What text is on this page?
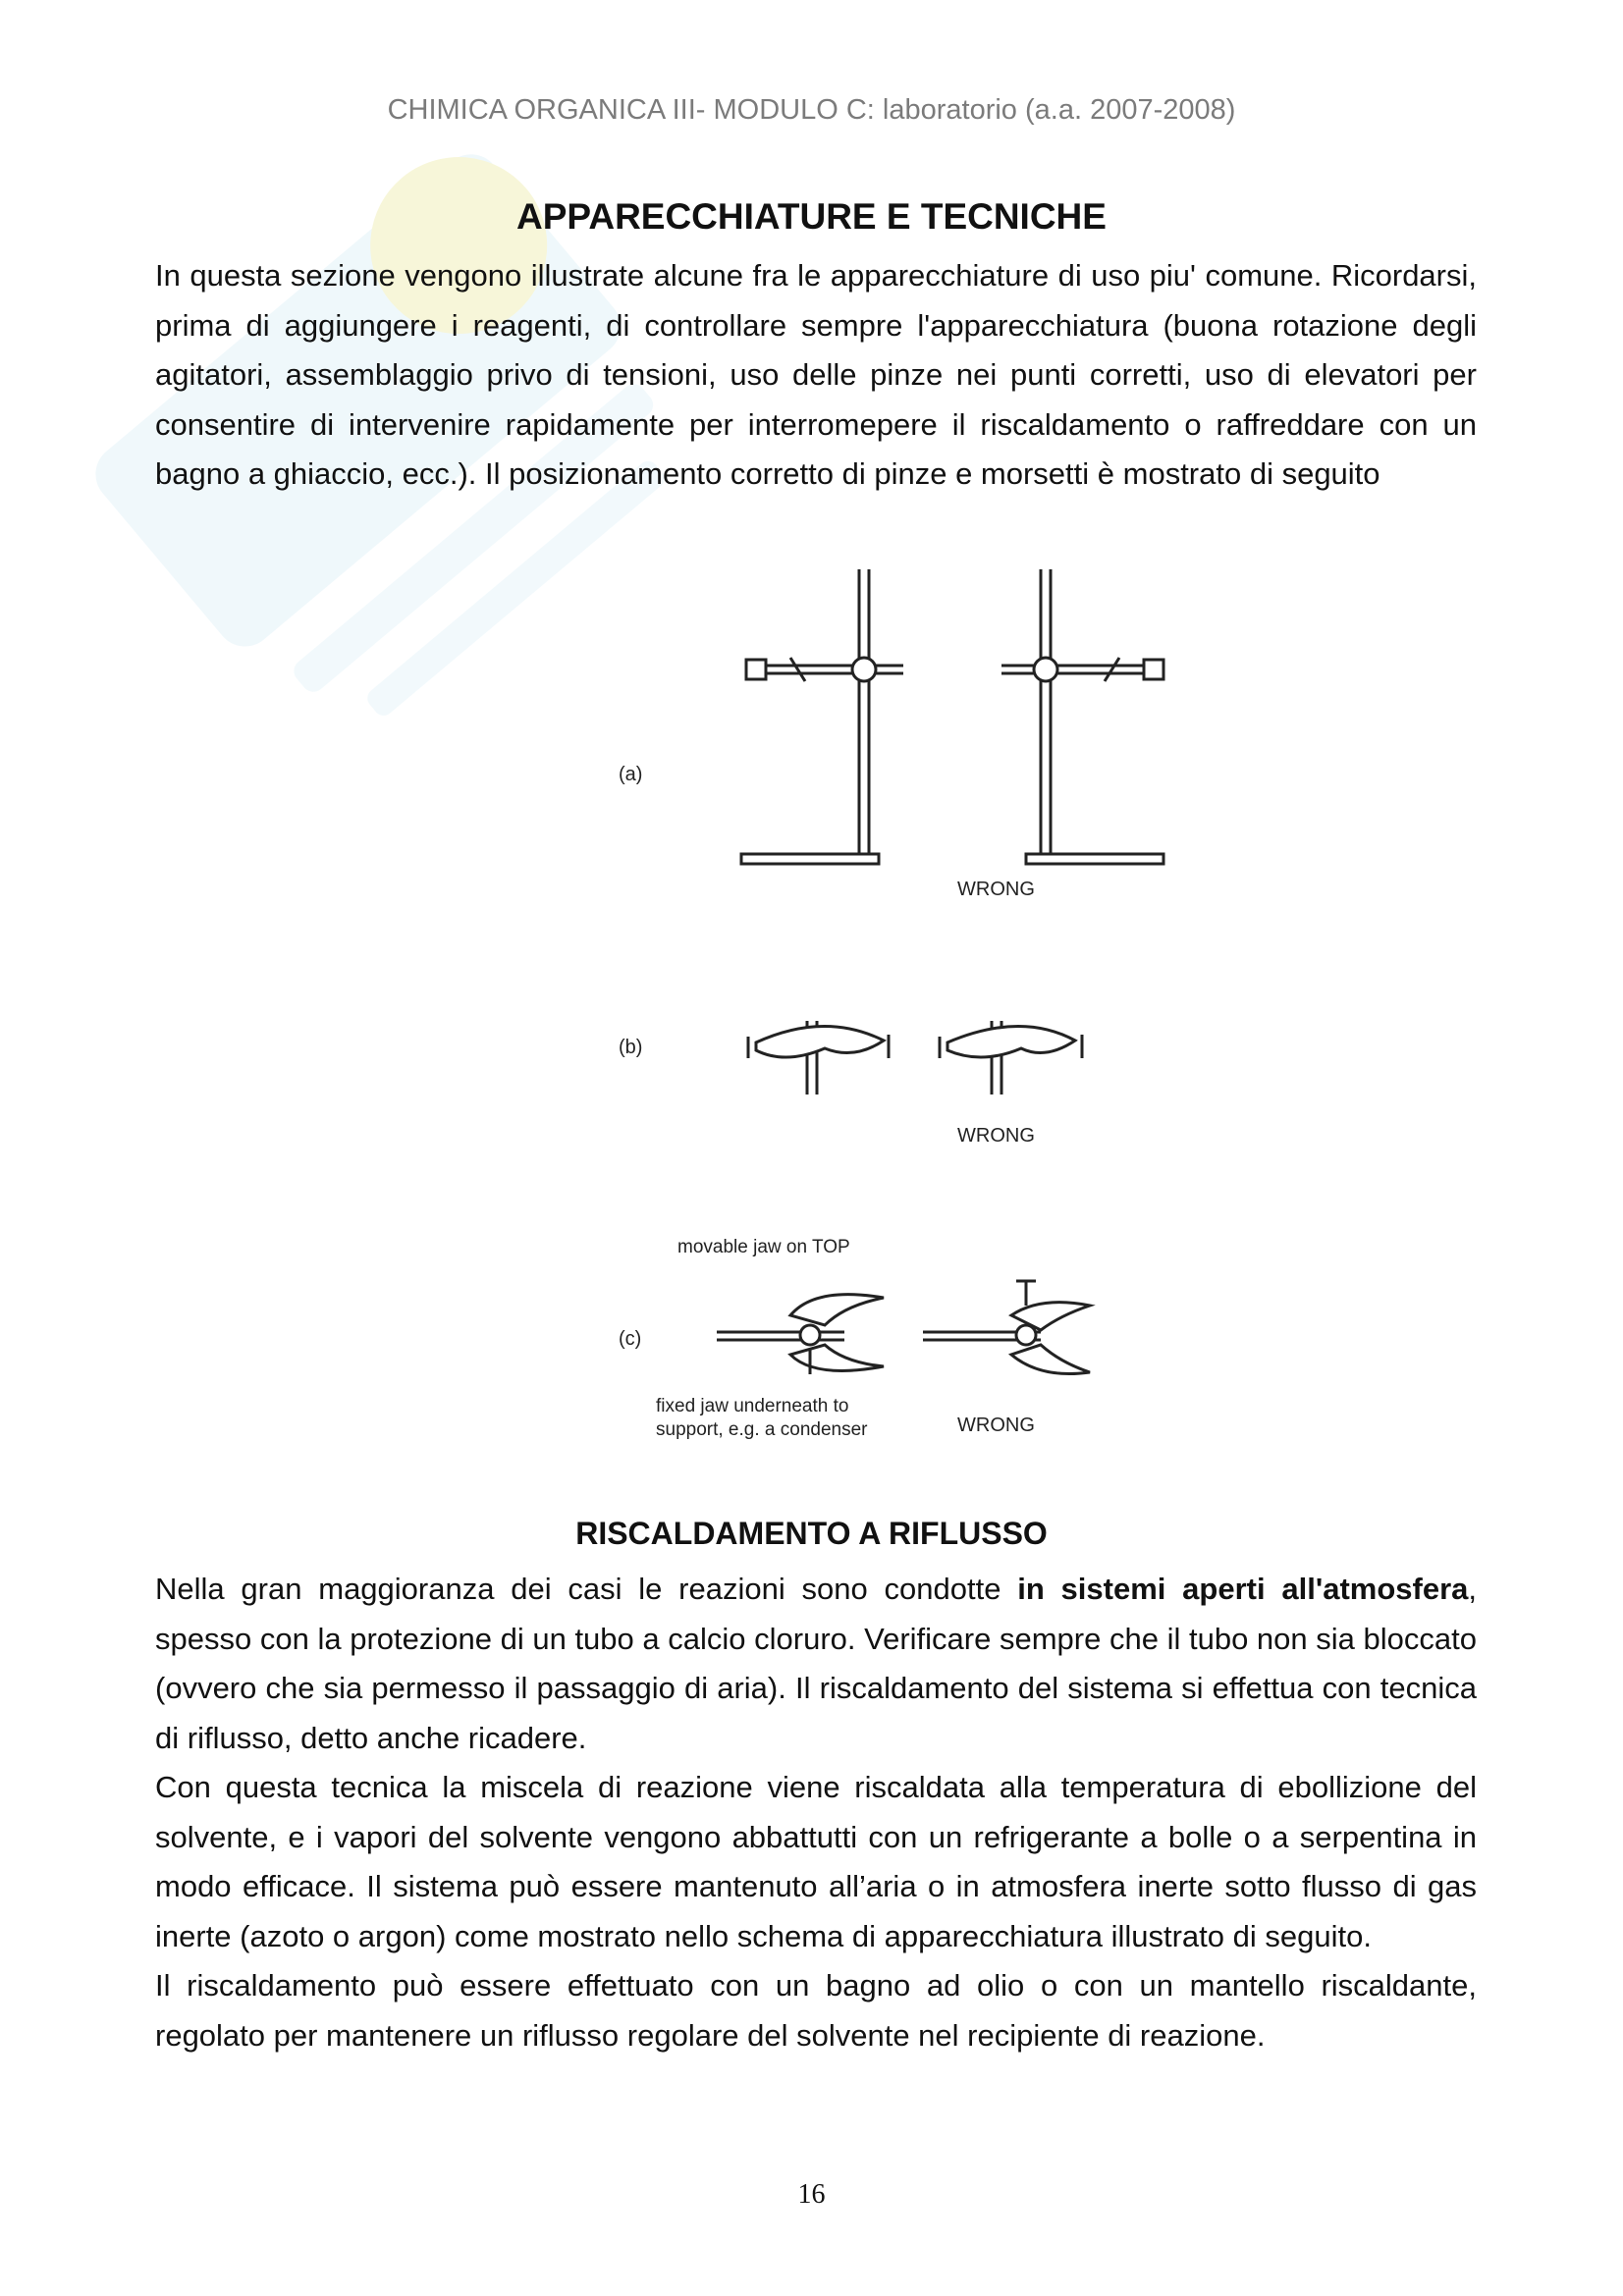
CHIMICA ORGANICA III- MODULO C: laboratorio (a.a. 2007-2008)
APPARECCHIATURE E TECNICHE
In questa sezione vengono illustrate alcune fra le apparecchiature di uso piu' comune. Ricordarsi, prima di aggiungere i reagenti, di controllare sempre l'apparecchiatura (buona rotazione degli agitatori, assemblaggio privo di tensioni, uso delle pinze nei punti corretti, uso di elevatori per consentire di intervenire rapidamente per interromepere il riscaldamento o raffreddare con un bagno a ghiaccio, ecc.). Il posizionamento corretto di pinze e morsetti è mostrato di seguito
(a)
WRONG
(b)
WRONG
movable jaw on TOP
(c)
fixed jaw underneath to
support, e.g. a condenser	WRONG
RISCALDAMENTO A RIFLUSSO

Nella gran maggioranza dei casi le reazioni sono condotte in sistemi aperti all'atmosfera, spesso con la protezione di un tubo a calcio cloruro. Verificare sempre che il tubo non sia bloccato (ovvero che sia permesso il passaggio di aria). Il riscaldamento del sistema si effettua con tecnica di riflusso, detto anche ricadere.

Con questa tecnica la miscela di reazione viene riscaldata alla temperatura di ebollizione del solvente, e i vapori del solvente vengono abbattutti con un refrigerante a bolle o a serpentina in modo efficace. Il sistema può essere mantenuto all’aria o in atmosfera inerte sotto flusso di gas inerte (azoto o argon) come mostrato nello schema di apparecchiatura illustrato di seguito.

Il riscaldamento può essere effettuato con un bagno ad olio o con un mantello riscaldante, regolato per mantenere un riflusso regolare del solvente nel recipiente di reazione.

16
